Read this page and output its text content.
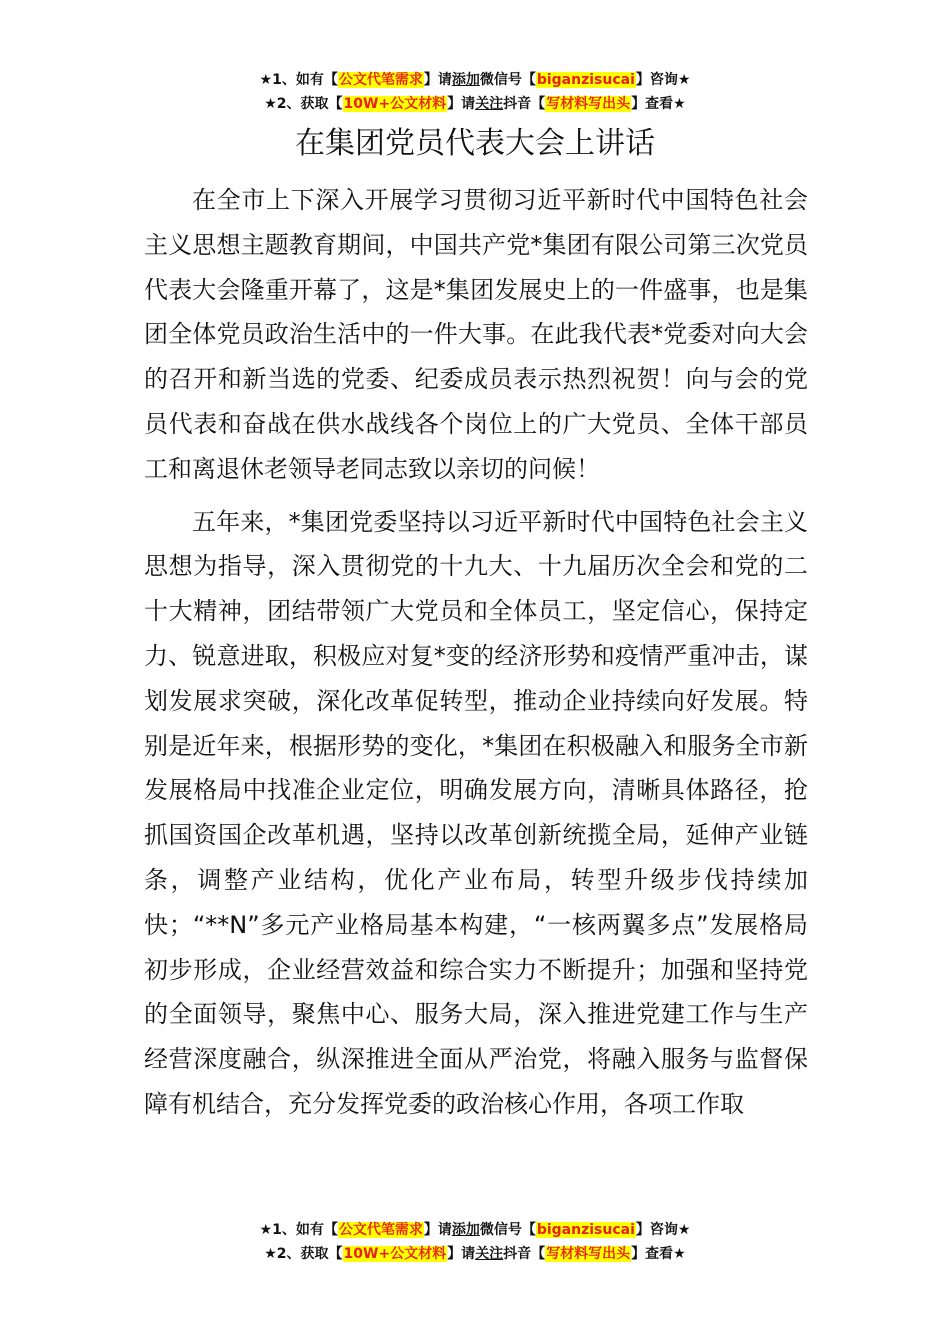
★1、如有【公文代笔需求】请添加微信号【biganzisucai】咨询★
★2、获取【10W+公文材料】请关注抖音【写材料写出头】查看★
在集团党员代表大会上讲话

在全市上下深入开展学习贯彻习近平新时代中国特色社会主义思想主题教育期间，中国共产党*集团有限公司第三次党员代表大会隆重开幕了，这是*集团发展史上的一件盛事，也是集团全体党员政治生活中的一件大事。在此我代表*党委对向大会的召开和新当选的党委、纪委成员表示热烈祝贺！向与会的党员代表和奋战在供水战线各个岗位上的广大党员、全体干部员工和离退休老领导老同志致以亲切的问候！

五年来，*集团党委坚持以习近平新时代中国特色社会主义思想为指导，深入贯彻党的十九大、十九届历次全会和党的二十大精神，团结带领广大党员和全体员工，坚定信心，保持定力、锐意进取，积极应对复*变的经济形势和疫情严重冲击，谋划发展求突破，深化改革促转型，推动企业持续向好发展。特别是近年来，根据形势的变化，*集团在积极融入和服务全市新发展格局中找准企业定位，明确发展方向，清晰具体路径，抢抓国资国企改革机遇，坚持以改革创新统揽全局，延伸产业链条，调整产业结构，优化产业布局，转型升级步伐持续加快；“**N”多元产业格局基本构建，“一核两翼多点”发展格局初步形成，企业经营效益和综合实力不断提升；加强和坚持党的全面领导，聚焦中心、服务大局，深入推进党建工作与生产经营深度融合，纵深推进全面从严治党，将融入服务与监督保障有机结合，充分发挥党委的政治核心作用，各项工作取

★1、如有【公文代笔需求】请添加微信号【biganzisucai】咨询★
★2、获取【10W+公文材料】请关注抖音【写材料写出头】查看★
